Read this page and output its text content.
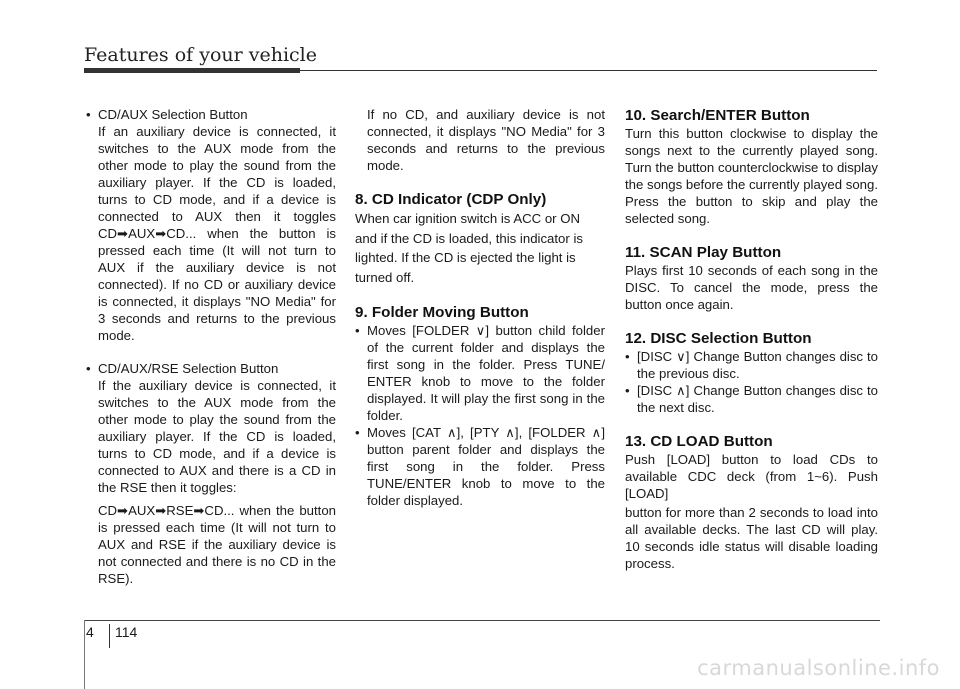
Features of your vehicle

• CD/AUX Selection Button

If an auxiliary device is connected, it switches to the AUX mode from the other mode to play the sound from the auxiliary player. If the CD is loaded, turns to CD mode, and if a device is connected to AUX then it toggles CD➡AUX➡CD... when the button is pressed each time (It will not turn to AUX if the auxiliary device is not connected). If no CD or auxiliary device is connected, it displays "NO Media" for 3 seconds and returns to the previous mode.

• CD/AUX/RSE Selection Button

If the auxiliary device is connected, it switches to the AUX mode from the other mode to play the sound from the auxiliary player. If the CD is loaded, turns to CD mode, and if a device is connected to AUX and there is a CD in the RSE then it toggles:

CD➡AUX➡RSE➡CD... when the button is pressed each time (It will not turn to AUX and RSE if the auxiliary device is not connected and there is no CD in the RSE).

If no CD, and auxiliary device is not connected, it displays "NO Media" for 3 seconds and returns to the previous mode.

8. CD Indicator (CDP Only)

When car ignition switch is ACC or ON and if the CD is loaded, this indicator is lighted. If the CD is ejected the light is turned off.

9. Folder Moving Button

• Moves [FOLDER ∨] button child folder of the current folder and displays the first song in the folder. Press TUNE/ ENTER knob to move to the folder displayed. It will play the first song in the folder.

• Moves [CAT ∧], [PTY ∧], [FOLDER ∧] button parent folder and displays the first song in the folder. Press TUNE/ENTER knob to move to the folder displayed.

10. Search/ENTER Button

Turn this button clockwise to display the songs next to the currently played song. Turn the button counterclockwise to display the songs before the currently played song. Press the button to skip and play the selected song.

11. SCAN Play Button

Plays first 10 seconds of each song in the DISC. To cancel the mode, press the button once again.

12. DISC Selection Button

• [DISC ∨] Change Button changes disc to the previous disc.

• [DISC ∧] Change Button changes disc to the next disc.

13. CD LOAD Button

Push [LOAD] button to load CDs to available CDC deck (from 1~6). Push [LOAD]

button for more than 2 seconds to load into all available decks. The last CD will play. 10 seconds idle status will disable loading process.

4 114
carmanualsonline.info
